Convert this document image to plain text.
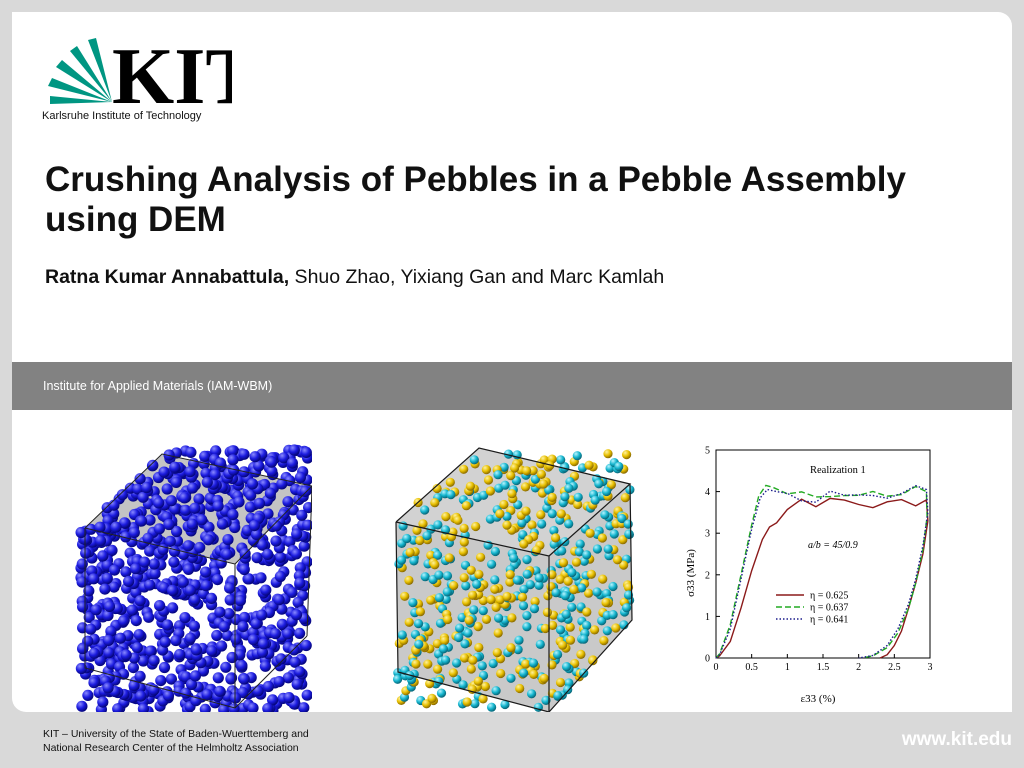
KI
Karlsruhe Institute of Technology
Crushing Analysis of Pebbles in a Pebble Assembly using DEM
Ratna Kumar Annabattula, Shuo Zhao, Yixiang Gan and Marc Kamlah
Institute for Applied Materials (IAM-WBM)
0	0.5	1	1.5	2	2.5	3
0
1
2
3
4
5
Realization 1
a/b = 45/0.9
ε33 (%)
σ33 (MPa)	η = 0.625
η = 0.637
η = 0.641
KIT – University of the State of Baden-Wuerttemberg and
National Research Center of the Helmholtz Association	www.kit.edu
